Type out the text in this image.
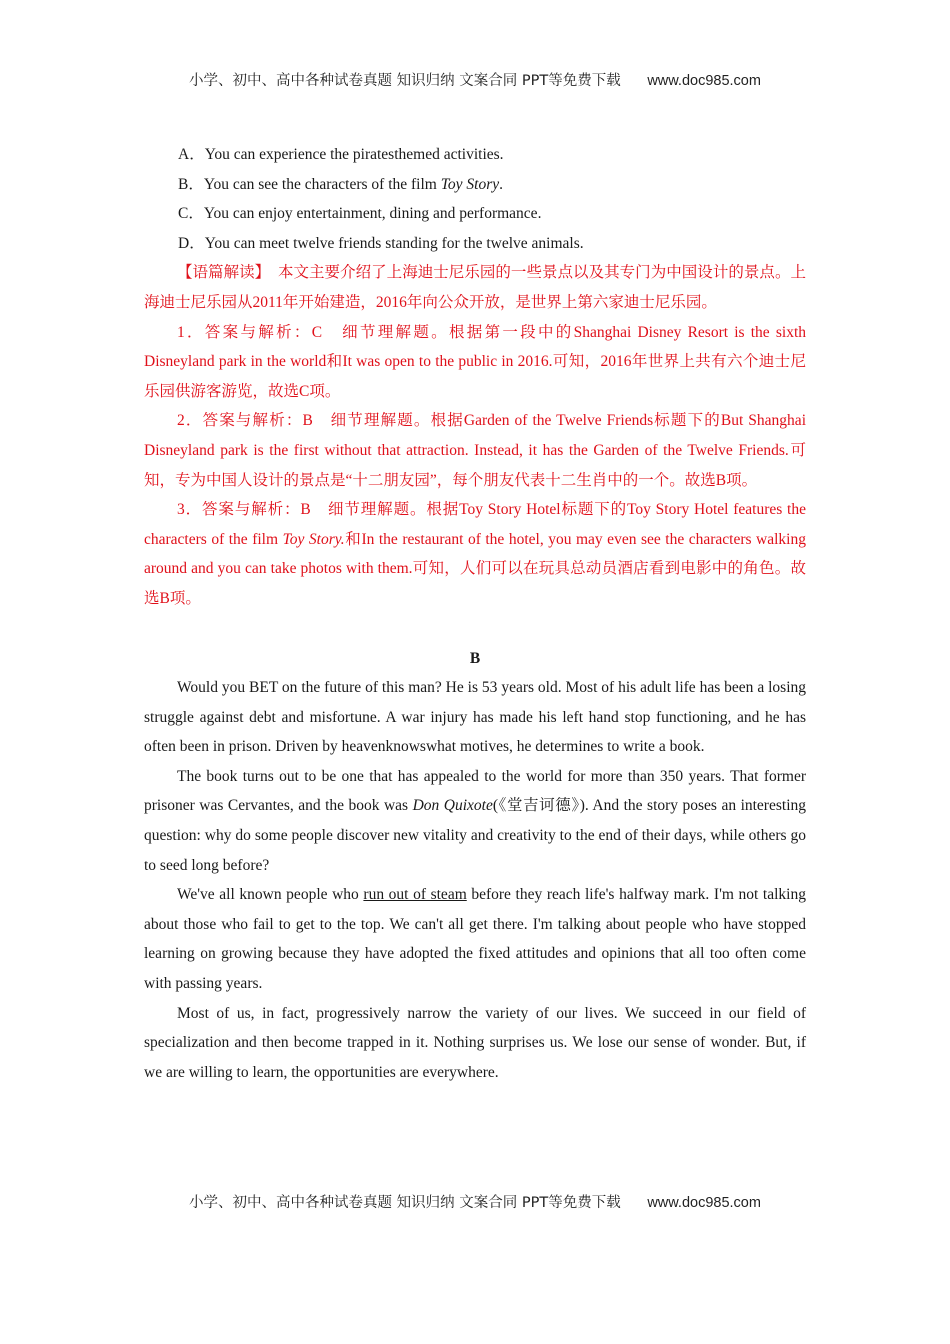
小学、初中、高中各种试卷真题 知识归纳 文案合同 PPT等免费下载 www.doc985.com

A．You can experience the piratesthemed activities.

B．You can see the characters of the film Toy Story.

C．You can enjoy entertainment, dining and performance.

D．You can meet twelve friends standing for the twelve animals.

【语篇解读】　本文主要介绍了上海迪士尼乐园的一些景点以及其专门为中国设计的景点。上海迪士尼乐园从2011年开始建造，2016年向公众开放，是世界上第六家迪士尼乐园。

1．答案与解析：C　细节理解题。根据第一段中的Shanghai Disney Resort is the sixth Disneyland park in the world和It was open to the public in 2016.可知，2016年世界上共有六个迪士尼乐园供游客游览，故选C项。

2．答案与解析：B　细节理解题。根据Garden of the Twelve Friends标题下的But Shanghai Disneyland park is the first without that attraction. Instead, it has the Garden of the Twelve Friends.可知，专为中国人设计的景点是“十二朋友园”，每个朋友代表十二生肖中的一个。故选B项。

3．答案与解析：B　细节理解题。根据Toy Story Hotel标题下的Toy Story Hotel features the characters of the film Toy Story.和In the restaurant of the hotel, you may even see the characters walking around and you can take photos with them.可知，人们可以在玩具总动员酒店看到电影中的角色。故选B项。

B

Would you BET on the future of this man? He is 53 years old. Most of his adult life has been a losing struggle against debt and misfortune. A war injury has made his left hand stop functioning, and he has often been in prison. Driven by heavenknowswhat motives, he determines to write a book.

The book turns out to be one that has appealed to the world for more than 350 years. That former prisoner was Cervantes, and the book was Don Quixote(《堂吉诃德》). And the story poses an interesting question: why do some people discover new vitality and creativity to the end of their days, while others go to seed long before?

We've all known people who run out of steam before they reach life's halfway mark. I'm not talking about those who fail to get to the top. We can't all get there. I'm talking about people who have stopped learning on growing because they have adopted the fixed attitudes and opinions that all too often come with passing years.

Most of us, in fact, progressively narrow the variety of our lives. We succeed in our field of specialization and then become trapped in it. Nothing surprises us. We lose our sense of wonder. But, if we are willing to learn, the opportunities are everywhere.

小学、初中、高中各种试卷真题 知识归纳 文案合同 PPT等免费下载 www.doc985.com
